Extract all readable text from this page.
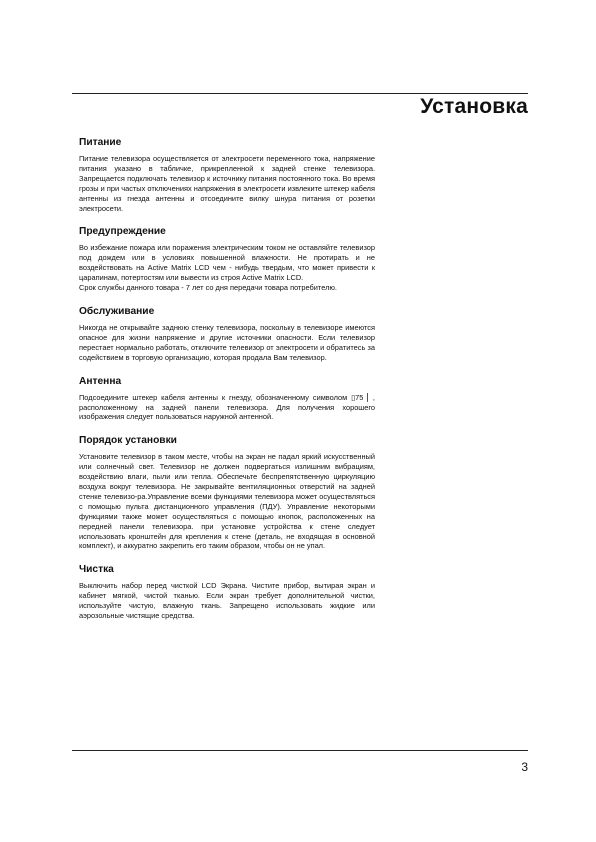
Установка
Питание

Питание телевизора осуществляется от электросети переменного тока, напряжение питания указано в табличке, прикрепленной к задней стенке телевизора. Запрещается подключать телевизор к источнику питания постоянного тока. Во время грозы и при частых отключениях напряжения в электросети извлеките штекер кабеля антенны из гнезда антенны и отсоедините вилку шнура питания от розетки электросети.

Предупреждение

Во избежание пожара или поражения электрическим током не оставляйте телевизор под дождем или в условиях повышенной влажности. Не протирать и не воздействовать на Active Matrix LCD чем - нибудь твердым, что может привести к царапинам, потертостям или вывести из строя Active Matrix LCD.

Срок службы данного товара - 7 лет со дня передачи товара потребителю.

Обслуживание

Никогда не открывайте заднюю стенку телевизора, поскольку в телевизоре имеются опасное для жизни напряжение и другие источники опасности. Если телевизор перестает нормально работать, отключите телевизор от электросети и обратитесь за содействием в торговую организацию, которая продала Вам телевизор.

Антенна

Подсоедините штекер кабеля антенны к гнезду, обозначенному символом ▯75 ▏, расположенному на задней панели телевизора. Для получения хорошего изображения следует пользоваться наружной антенной.

Порядок установки

Установите телевизор в таком месте, чтобы на экран не падал яркий искусственный или солнечный свет. Телевизор не должен подвергаться излишним вибрациям, воздействию влаги, пыли или тепла. Обеспечьте беспрепятственную циркуляцию воздуха вокруг телевизора. Не закрывайте вентиляционных отверстий на задней стенке телевизо-ра.Управление всеми функциями телевизора может осуществляться с помощью пульта дистанционного управления (ПДУ). Управление некоторыми функциями также может осуществляться с помощью кнопок, расположенных на передней панели телевизора. при установке устройства к стене следует использовать кронштейн для крепления к стене (деталь, не входящая в основной комплект), и аккуратно закрепить его таким образом, чтобы он не упал.

Чистка

Выключить набор перед чисткой LCD Экрана. Чистите прибор, вытирая экран и кабинет мягкой, чистой тканью. Если экран требует дополнительной чистки, используйте чистую, влажную ткань. Запрещено использовать жидкие или аэрозольные чистящие средства.

3
